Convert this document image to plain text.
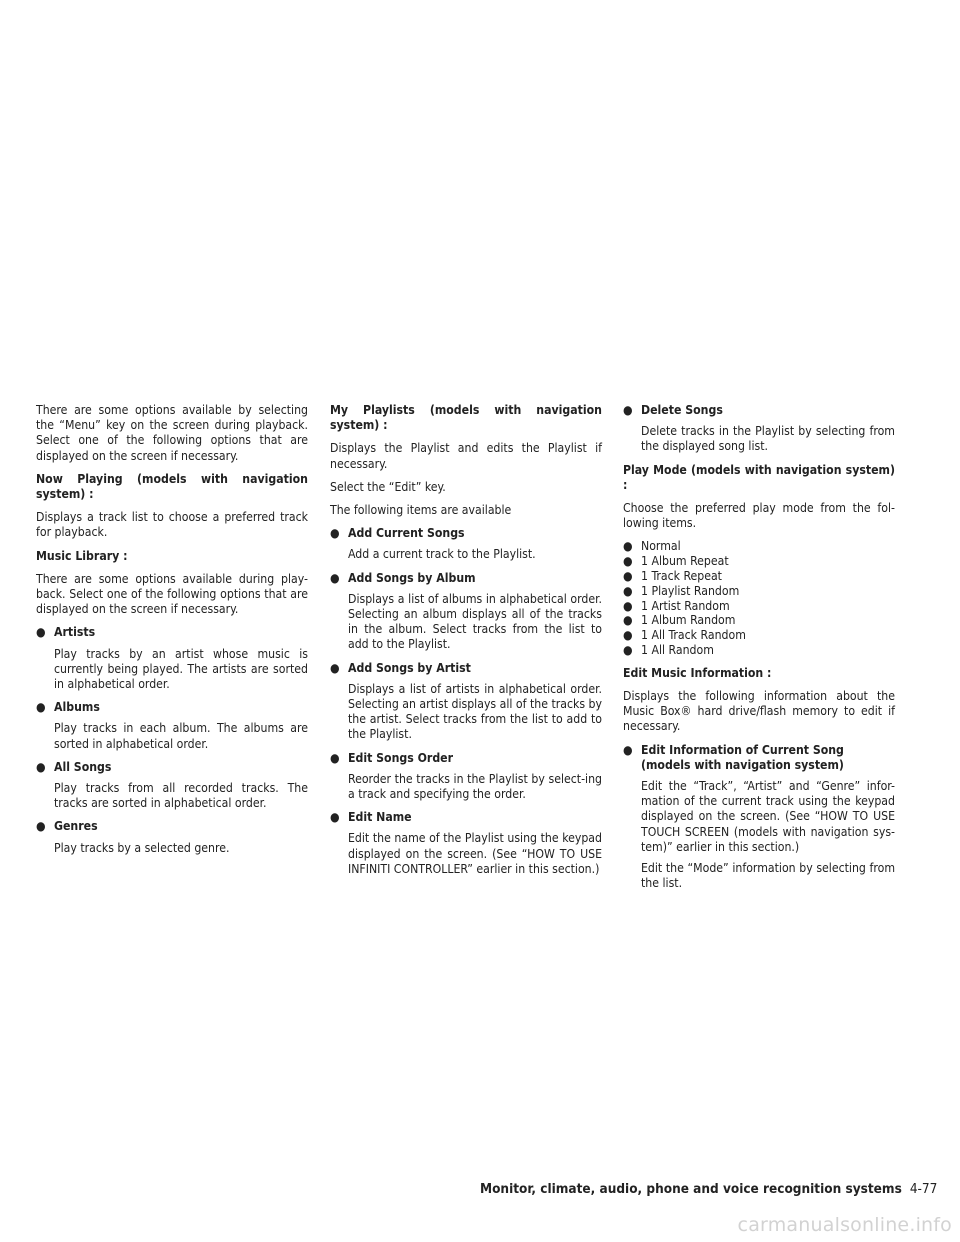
There are some options available by selecting the “Menu” key on the screen during playback. Select one of the following options that are displayed on the screen if necessary.

Now Playing (models with navigation system) :

Displays a track list to choose a preferred track for playback.

Music Library :

There are some options available during play-back. Select one of the following options that are displayed on the screen if necessary.

● Artists

Play tracks by an artist whose music is currently being played. The artists are sorted in alphabetical order.

● Albums

Play tracks in each album. The albums are sorted in alphabetical order.

● All Songs

Play tracks from all recorded tracks. The tracks are sorted in alphabetical order.

● Genres

Play tracks by a selected genre.

My Playlists (models with navigation system) :

Displays the Playlist and edits the Playlist if necessary.

Select the “Edit” key.

The following items are available

● Add Current Songs

Add a current track to the Playlist.

● Add Songs by Album

Displays a list of albums in alphabetical order. Selecting an album displays all of the tracks in the album. Select tracks from the list to add to the Playlist.

● Add Songs by Artist

Displays a list of artists in alphabetical order. Selecting an artist displays all of the tracks by the artist. Select tracks from the list to add to the Playlist.

● Edit Songs Order

Reorder the tracks in the Playlist by select-ing a track and specifying the order.

● Edit Name

Edit the name of the Playlist using the keypad displayed on the screen. (See “HOW TO USE INFINITI CONTROLLER” earlier in this section.)

● Delete Songs

Delete tracks in the Playlist by selecting from the displayed song list.

Play Mode (models with navigation system) :

Choose the preferred play mode from the fol-lowing items.

● Normal
● 1 Album Repeat
● 1 Track Repeat
● 1 Playlist Random
● 1 Artist Random
● 1 Album Random
● 1 All Track Random
● 1 All Random

Edit Music Information :

Displays the following information about the Music Box® hard drive/flash memory to edit if necessary.

● Edit Information of Current Song (models with navigation system)

Edit the “Track”, “Artist” and “Genre” infor-mation of the current track using the keypad displayed on the screen. (See “HOW TO USE TOUCH SCREEN (models with navigation sys-tem)” earlier in this section.)

Edit the “Mode” information by selecting from the list.

Monitor, climate, audio, phone and voice recognition systems 4-77
carmanualsonline.info
